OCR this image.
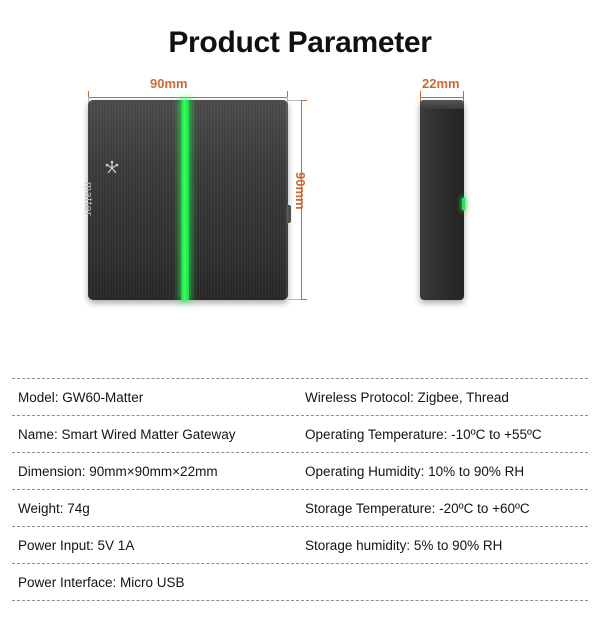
Product Parameter
90mm
matter	90mm
22mm
Model: GW60-Matter	Wireless Protocol: Zigbee, Thread
Name: Smart Wired Matter Gateway	Operating Temperature: -10ºC to +55ºC
Dimension: 90mm×90mm×22mm	Operating Humidity: 10% to 90% RH
Weight: 74g	Storage Temperature: -20ºC to +60ºC
Power Input: 5V 1A	Storage humidity: 5% to 90% RH
Power Interface: Micro USB
